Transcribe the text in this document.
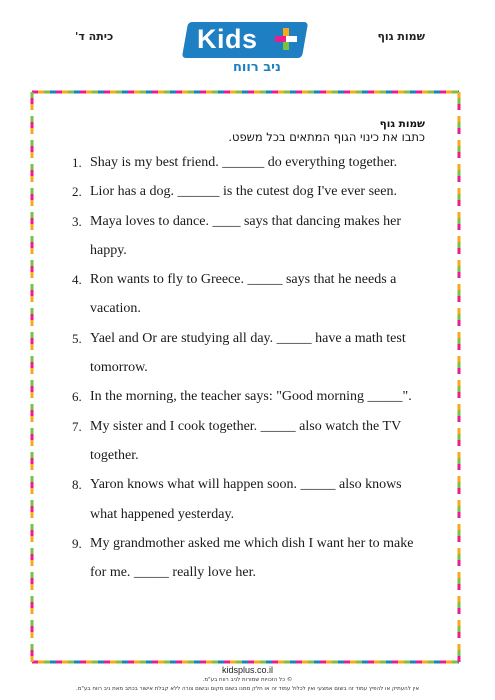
כיתה ד'	שמות גוף
Kids
ניב רווח
שמות גוף
כתבו את כינוי הגוף המתאים בכל משפט.
1. Shay is my best friend. ______ do everything together.
2. Lior has a dog. ______ is the cutest dog I've ever seen.
3. Maya loves to dance. ____ says that dancing makes her happy.
4. Ron wants to fly to Greece. _____ says that he needs a vacation.
5. Yael and Or are studying all day. _____ have a math test tomorrow.
6. In the morning, the teacher says: "Good morning _____".
7. My sister and I cook together. _____ also watch the TV together.
8. Yaron knows what will happen soon. _____ also knows what happened yesterday.
9. My grandmother asked me which dish I want her to make for me. _____ really love her.
kidsplus.co.il
© כל הזכויות שמורות לניב רווח בע"מ.
אין להעתיק או להפיץ עמוד זה בשום אמצעי ואין לכלול עמוד זה או חלק ממנו בשום מקום ובשום צורה ללא קבלת אישור בכתב מאת ניב רווח בע"מ.
